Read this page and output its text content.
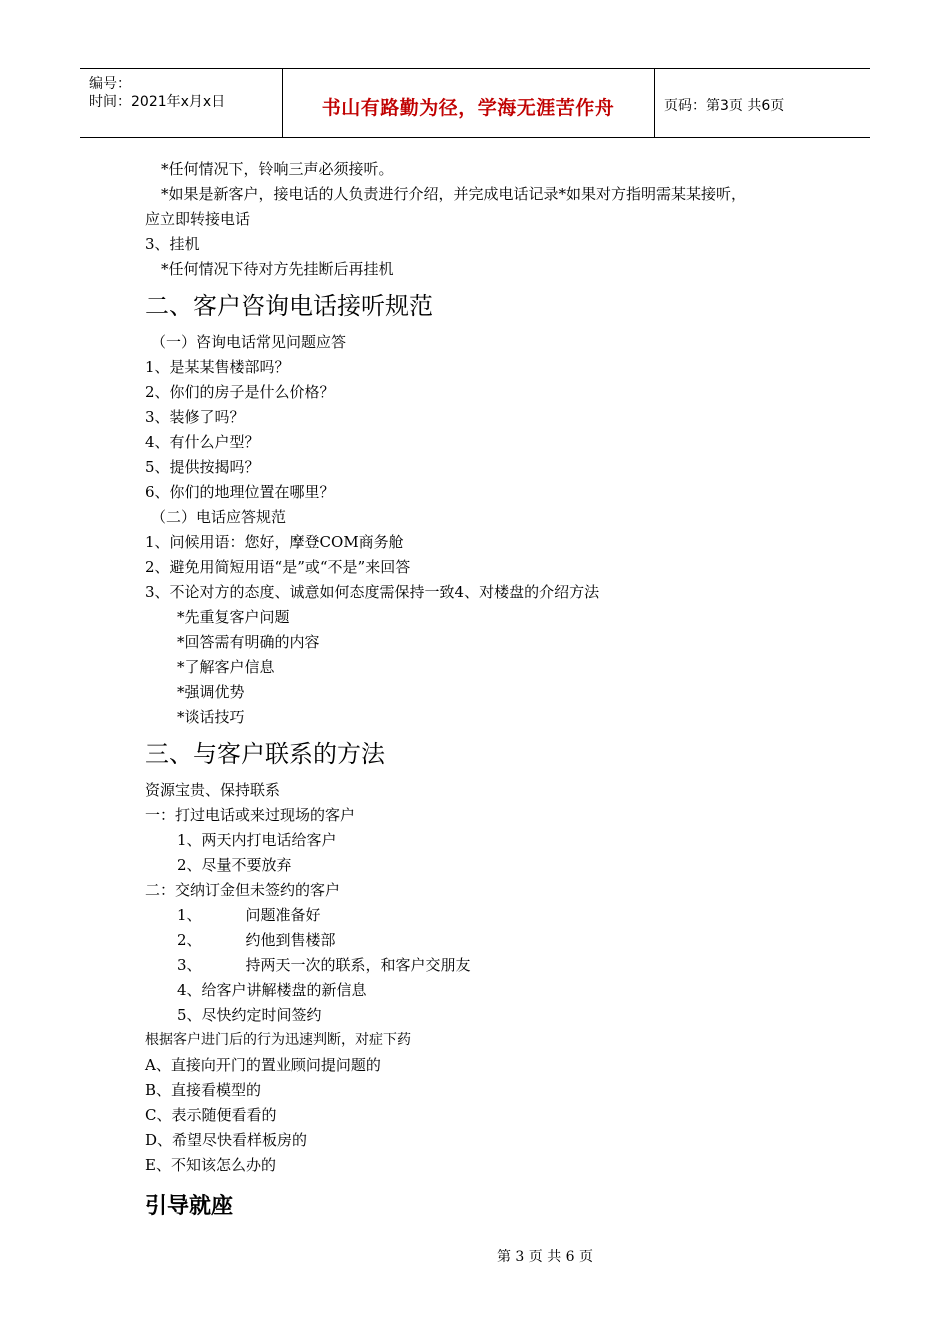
编号：
时间：2021年x月x日	书山有路勤为径，学海无涯苦作舟	页码：第3页 共6页
*任何情况下，铃响三声必须接听。
*如果是新客户，接电话的人负责进行介绍，并完成电话记录*如果对方指明需某某接听，
应立即转接电话
3、挂机
*任何情况下待对方先挂断后再挂机
二、客户咨询电话接听规范
（一）咨询电话常见问题应答
1、是某某售楼部吗？
2、你们的房子是什么价格？
3、装修了吗？
4、有什么户型？
5、提供按揭吗？
6、你们的地理位置在哪里？
（二）电话应答规范
1、问候用语：您好，摩登COM商务舱
2、避免用简短用语“是”或“不是”来回答
3、不论对方的态度、诚意如何态度需保持一致4、对楼盘的介绍方法
*先重复客户问题
*回答需有明确的内容
*了解客户信息
*强调优势
*谈话技巧
三、与客户联系的方法
资源宝贵、保持联系
一：打过电话或来过现场的客户
1、两天内打电话给客户
2、尽量不要放弃
二：交纳订金但未签约的客户
1、	问题准备好
2、	约他到售楼部
3、	持两天一次的联系，和客户交朋友
4、给客户讲解楼盘的新信息
5、尽快约定时间签约
根据客户进门后的行为迅速判断，对症下药
A、直接向开门的置业顾问提问题的
B、直接看模型的
C、表示随便看看的
D、希望尽快看样板房的
E、不知该怎么办的
引导就座
第 3 页 共 6 页
